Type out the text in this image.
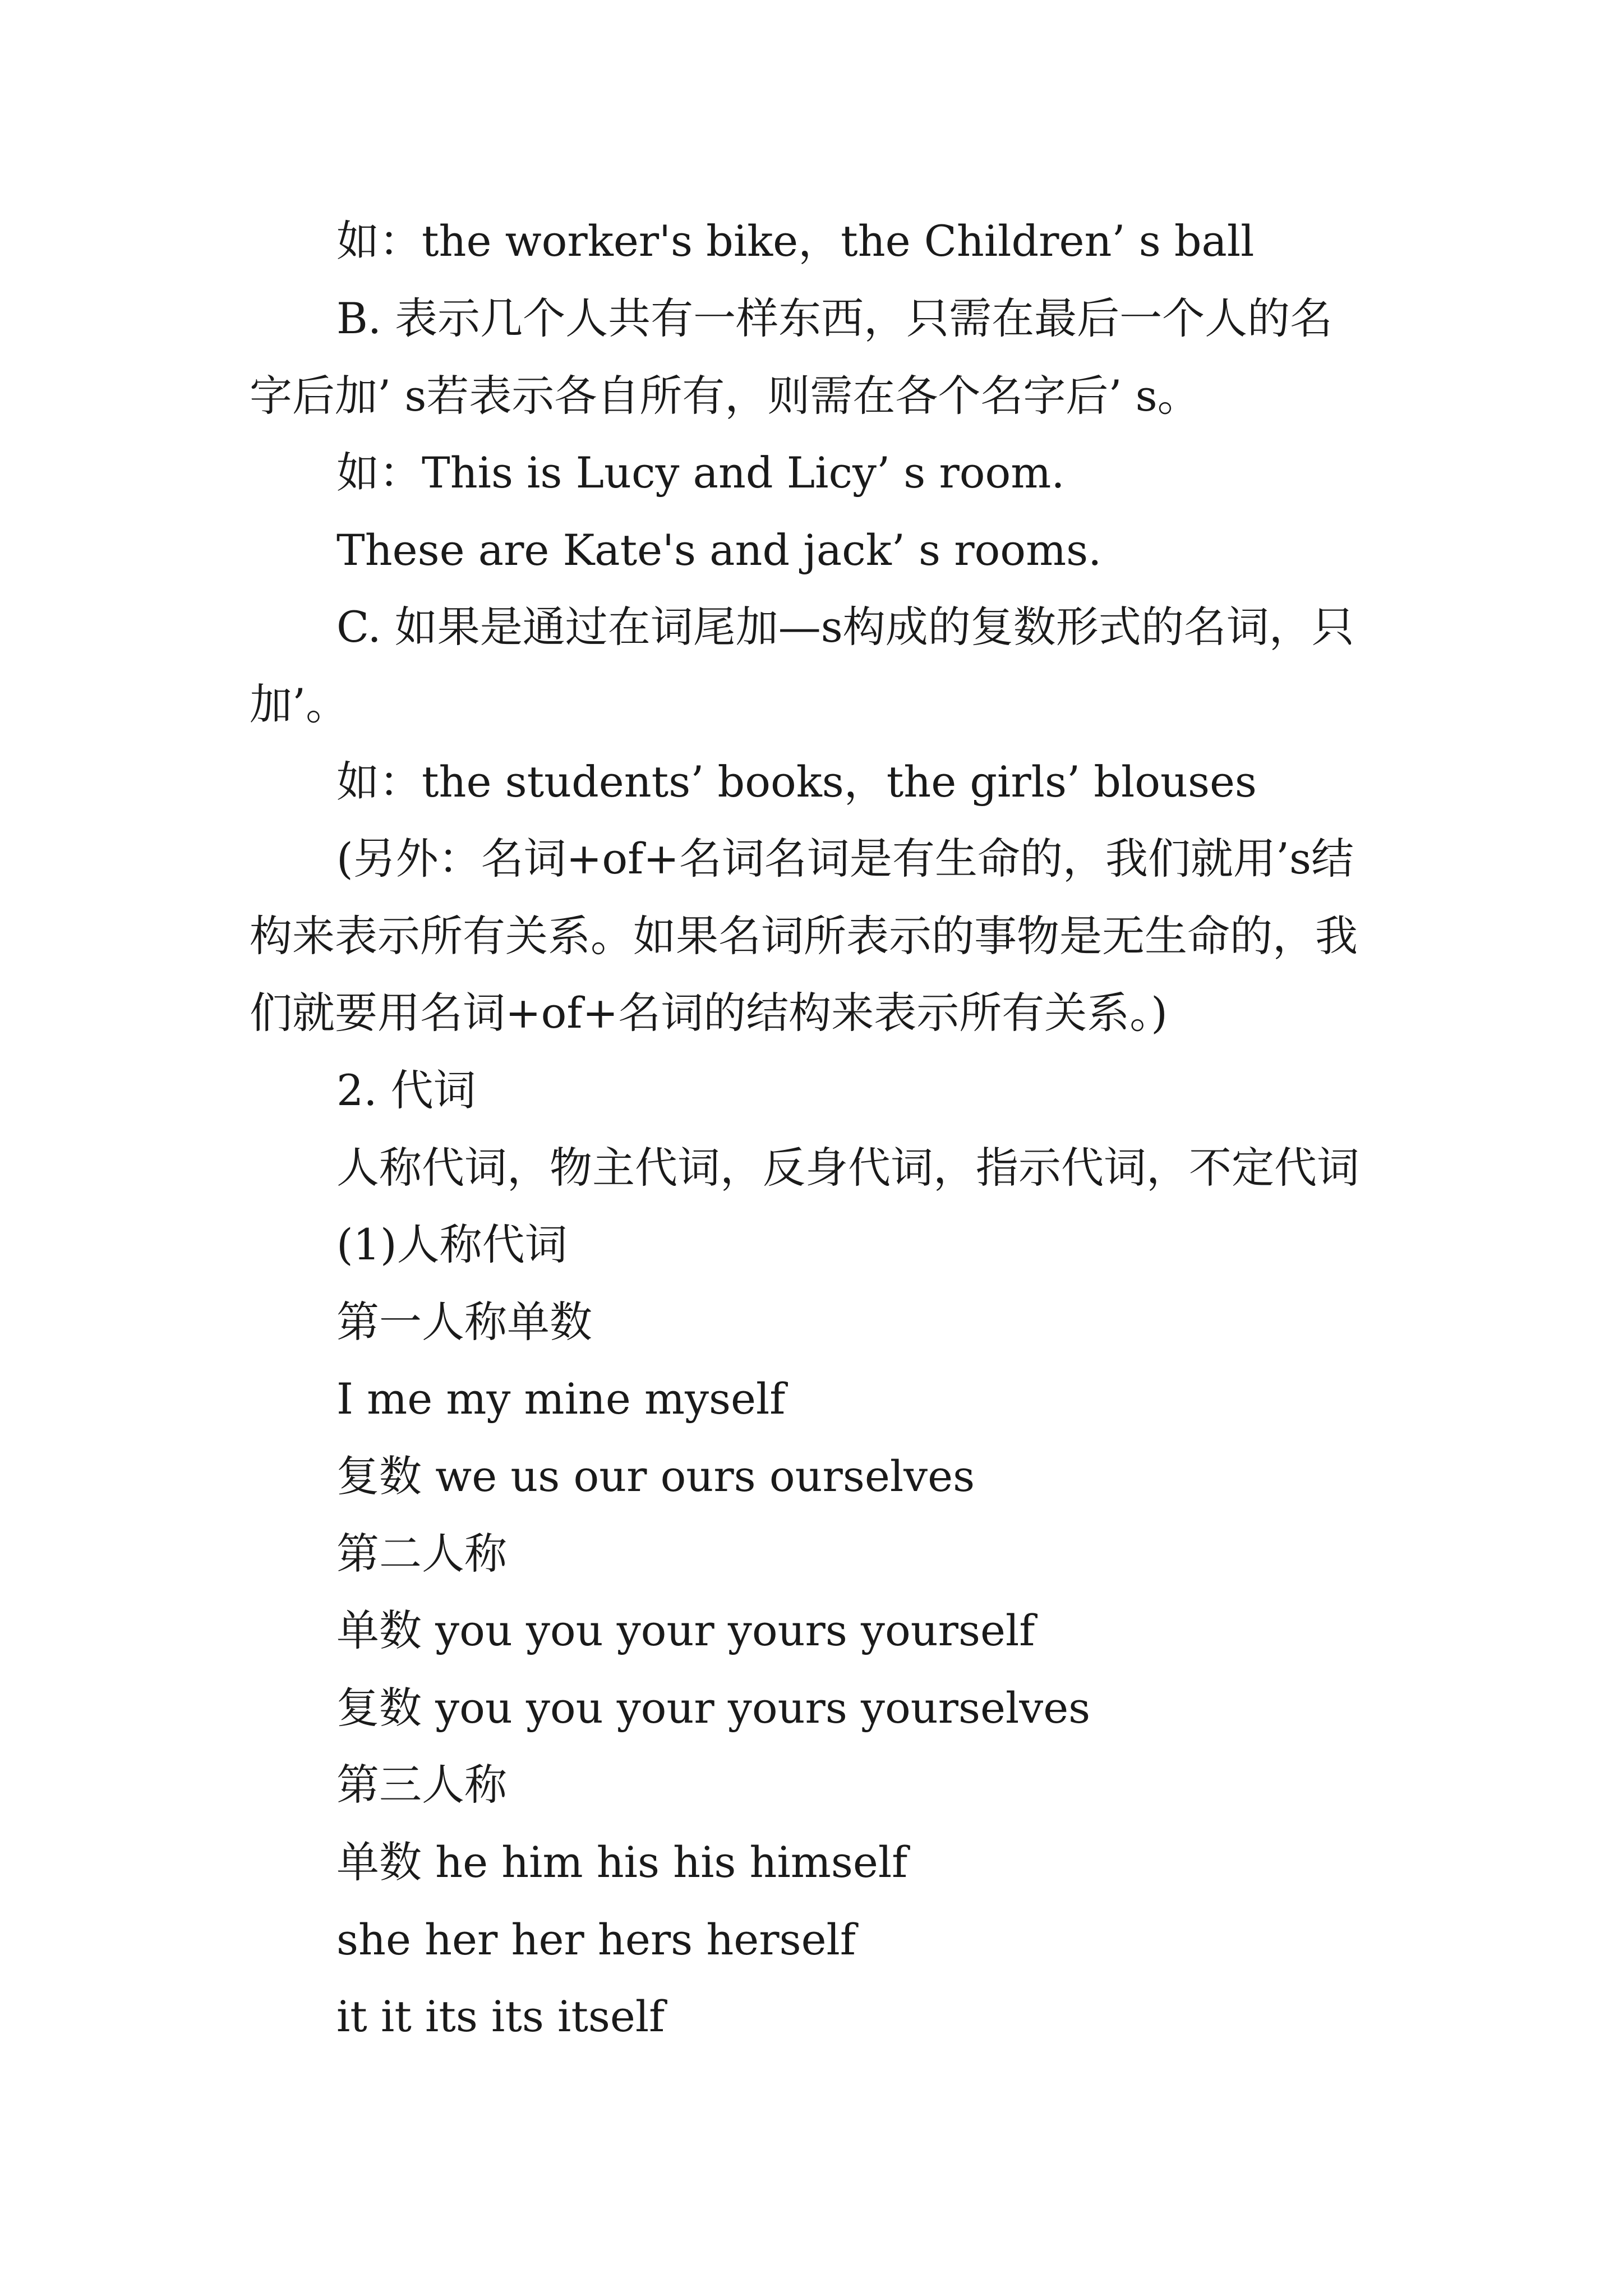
如：the worker's bike，the Children’ s ball
B. 表示几个人共有一样东西，只需在最后一个人的名
字后加’ s若表示各自所有，则需在各个名字后’ s。
如：This is Lucy and Licy’ s room.
These are Kate's and jack’ s rooms.
C. 如果是通过在词尾加—s构成的复数形式的名词，只
加’。
如：the students’ books，the girls’ blouses
(另外：名词+of+名词名词是有生命的，我们就用’s结
构来表示所有关系。如果名词所表示的事物是无生命的，我
们就要用名词+of+名词的结构来表示所有关系。)
2. 代词
人称代词，物主代词，反身代词，指示代词，不定代词
(1)人称代词
第一人称单数
I me my mine myself
复数 we us our ours ourselves
第二人称
单数 you you your yours yourself
复数 you you your yours yourselves
第三人称
单数 he him his his himself
she her her hers herself
it it its its itself
